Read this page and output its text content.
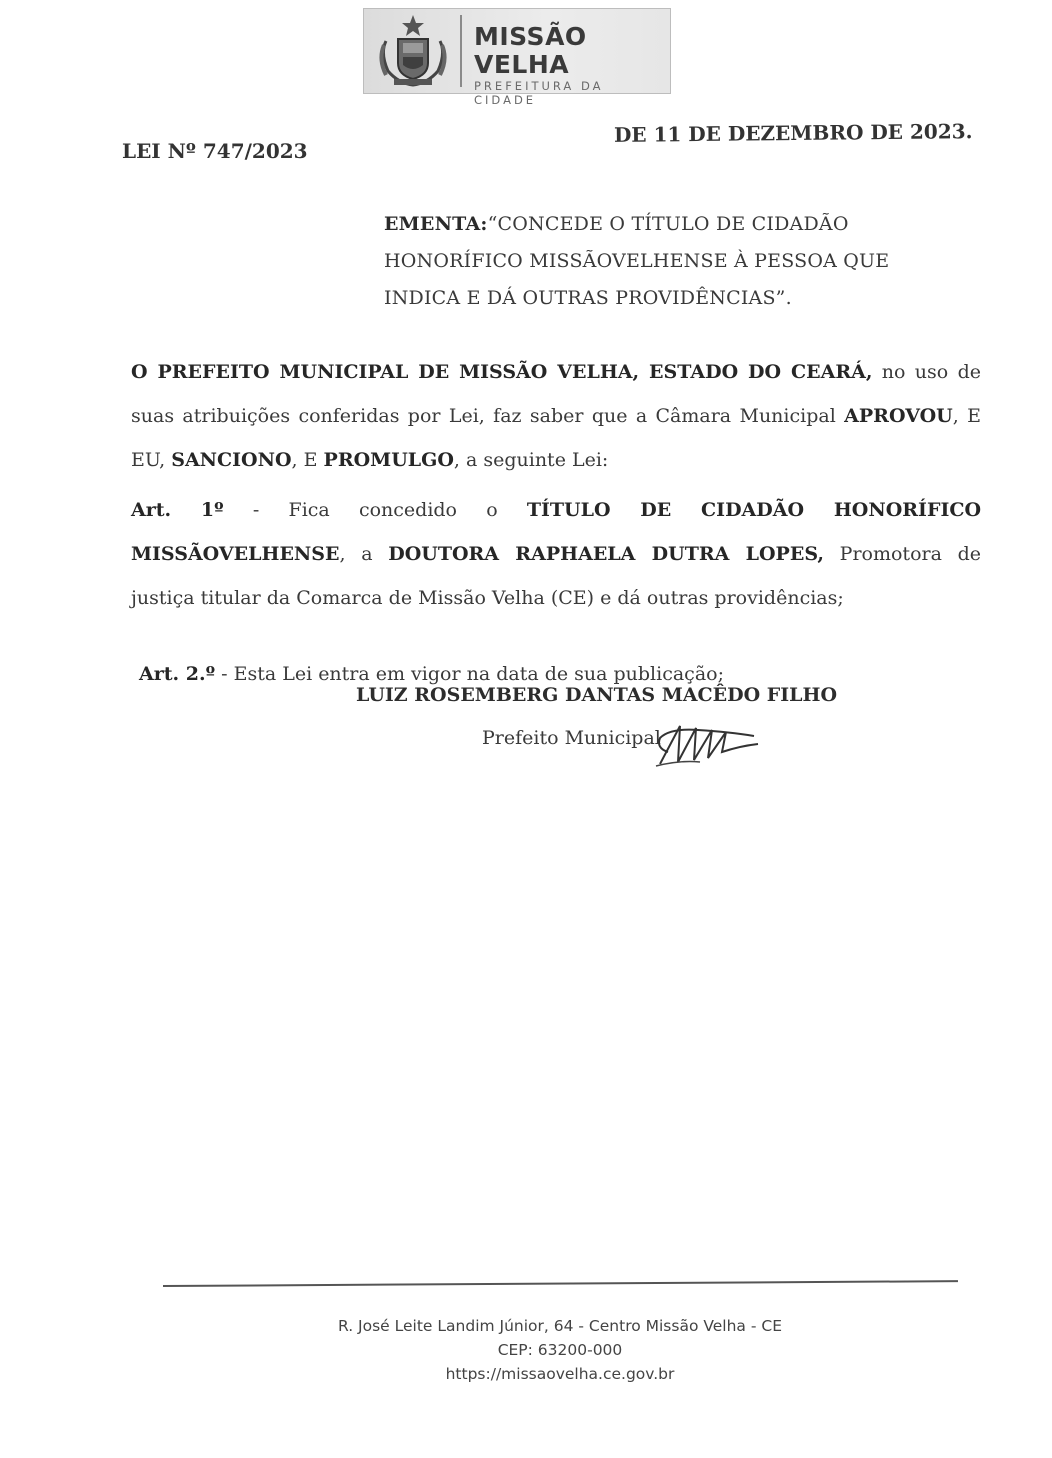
MISSÃO VELHA
PREFEITURA DA CIDADE
LEI Nº 747/2023
DE 11 DE DEZEMBRO DE 2023.
EMENTA:“CONCEDE O TÍTULO DE CIDADÃO HONORÍFICO MISSÃOVELHENSE À PESSOA QUE INDICA E DÁ OUTRAS PROVIDÊNCIAS”.
O PREFEITO MUNICIPAL DE MISSÃO VELHA, ESTADO DO CEARÁ, no uso de suas atribuições conferidas por Lei, faz saber que a Câmara Municipal APROVOU, E EU, SANCIONO, E PROMULGO, a seguinte Lei:
Art. 1º - Fica concedido o TÍTULO DE CIDADÃO HONORÍFICO MISSÃOVELHENSE, a DOUTORA RAPHAELA DUTRA LOPES, Promotora de justiça titular da Comarca de Missão Velha (CE) e dá outras providências;
Art. 2.º - Esta Lei entra em vigor na data de sua publicação;
LUIZ ROSEMBERG DANTAS MACÊDO FILHO
Prefeito Municipal
R. José Leite Landim Júnior, 64 - Centro Missão Velha - CE
CEP: 63200-000
https://missaovelha.ce.gov.br
